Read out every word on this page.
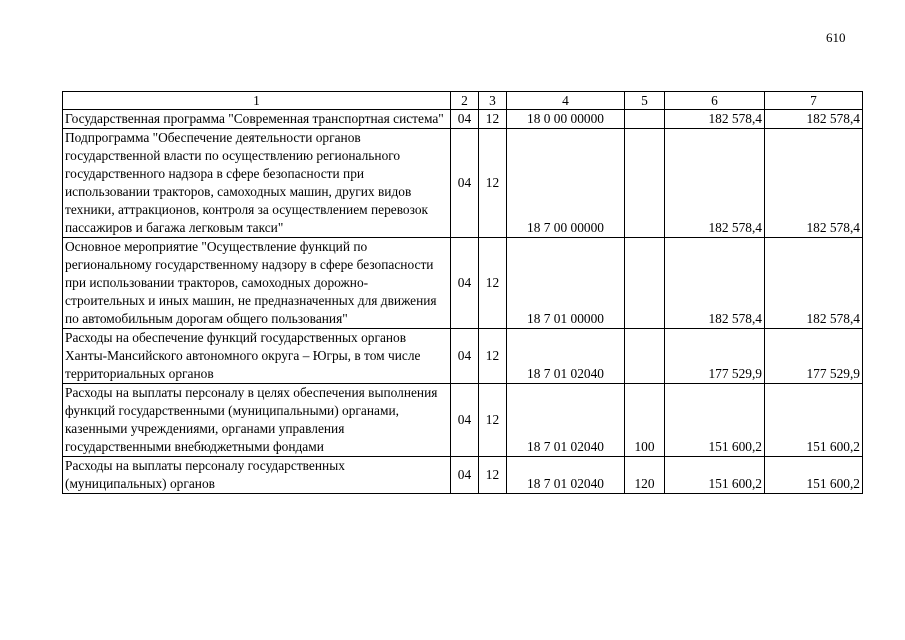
610
1	2	3	4	5	6	7
Государственная программа "Современная транспортная система"	04	12	18 0 00 00000		182 578,4	182 578,4
Подпрограмма "Обеспечение деятельности органов государственной власти по осуществлению регионального государственного надзора в сфере безопасности при использовании тракторов, самоходных машин, других видов техники, аттракционов, контроля за осуществлением перевозок пассажиров и багажа легковым такси"	04	12	18 7 00 00000		182 578,4	182 578,4
Основное мероприятие "Осуществление функций по региональному государственному надзору в сфере безопасности при использовании тракторов, самоходных дорожно-строительных и иных машин, не предназначенных для движения по автомобильным дорогам общего пользования"	04	12	18 7 01 00000		182 578,4	182 578,4
Расходы на обеспечение функций государственных органов Ханты-Мансийского автономного округа – Югры, в том числе территориальных органов	04	12	18 7 01 02040		177 529,9	177 529,9
Расходы на выплаты персоналу в целях обеспечения выполнения функций государственными (муниципальными) органами, казенными учреждениями, органами управления государственными внебюджетными фондами	04	12	18 7 01 02040	100	151 600,2	151 600,2
Расходы на выплаты персоналу государственных (муниципальных) органов	04	12	18 7 01 02040	120	151 600,2	151 600,2
